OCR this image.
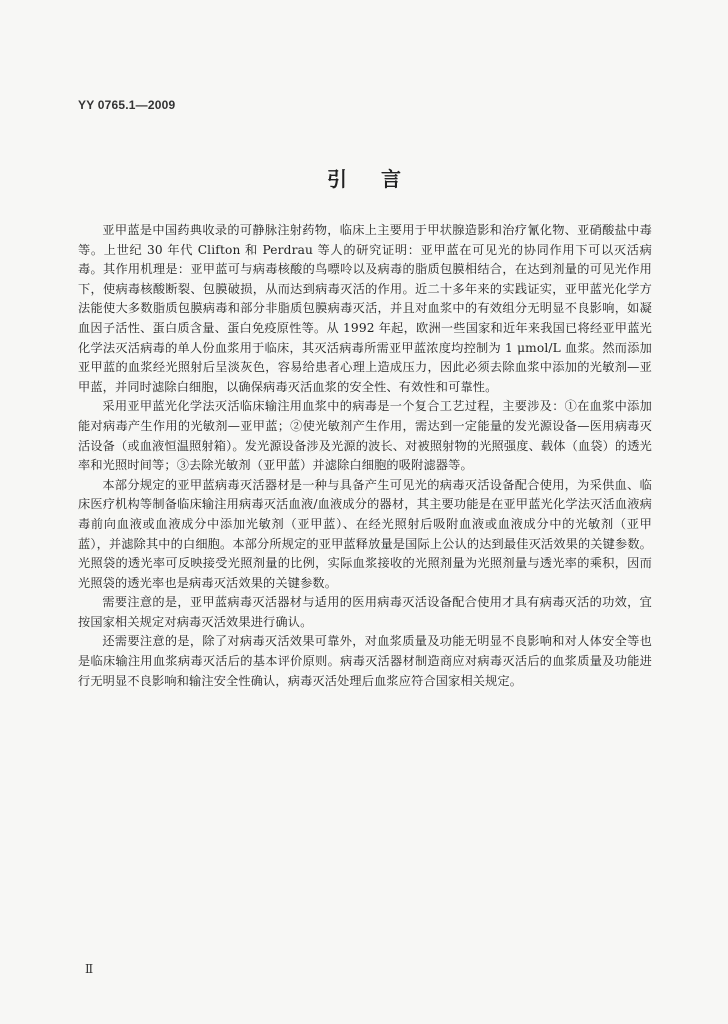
YY 0765.1—2009
引 言

亚甲蓝是中国药典收录的可静脉注射药物，临床上主要用于甲状腺造影和治疗氰化物、亚硝酸盐中毒等。上世纪 30 年代 Clifton 和 Perdrau 等人的研究证明：亚甲蓝在可见光的协同作用下可以灭活病毒。其作用机理是：亚甲蓝可与病毒核酸的鸟嘌呤以及病毒的脂质包膜相结合，在达到剂量的可见光作用下，使病毒核酸断裂、包膜破损，从而达到病毒灭活的作用。近二十多年来的实践证实，亚甲蓝光化学方法能使大多数脂质包膜病毒和部分非脂质包膜病毒灭活，并且对血浆中的有效组分无明显不良影响，如凝血因子活性、蛋白质含量、蛋白免疫原性等。从 1992 年起，欧洲一些国家和近年来我国已将经亚甲蓝光化学法灭活病毒的单人份血浆用于临床，其灭活病毒所需亚甲蓝浓度均控制为 1 μmol/L 血浆。然而添加亚甲蓝的血浆经光照射后呈淡灰色，容易给患者心理上造成压力，因此必须去除血浆中添加的光敏剂—亚甲蓝，并同时滤除白细胞，以确保病毒灭活血浆的安全性、有效性和可靠性。

采用亚甲蓝光化学法灭活临床输注用血浆中的病毒是一个复合工艺过程，主要涉及：①在血浆中添加能对病毒产生作用的光敏剂—亚甲蓝；②使光敏剂产生作用，需达到一定能量的发光源设备—医用病毒灭活设备（或血液恒温照射箱）。发光源设备涉及光源的波长、对被照射物的光照强度、载体（血袋）的透光率和光照时间等；③去除光敏剂（亚甲蓝）并滤除白细胞的吸附滤器等。

本部分规定的亚甲蓝病毒灭活器材是一种与具备产生可见光的病毒灭活设备配合使用，为采供血、临床医疗机构等制备临床输注用病毒灭活血液/血液成分的器材，其主要功能是在亚甲蓝光化学法灭活血液病毒前向血液或血液成分中添加光敏剂（亚甲蓝）、在经光照射后吸附血液或血液成分中的光敏剂（亚甲蓝），并滤除其中的白细胞。本部分所规定的亚甲蓝释放量是国际上公认的达到最佳灭活效果的关键参数。光照袋的透光率可反映接受光照剂量的比例，实际血浆接收的光照剂量为光照剂量与透光率的乘积，因而光照袋的透光率也是病毒灭活效果的关键参数。

需要注意的是，亚甲蓝病毒灭活器材与适用的医用病毒灭活设备配合使用才具有病毒灭活的功效，宜按国家相关规定对病毒灭活效果进行确认。

还需要注意的是，除了对病毒灭活效果可靠外，对血浆质量及功能无明显不良影响和对人体安全等也是临床输注用血浆病毒灭活后的基本评价原则。病毒灭活器材制造商应对病毒灭活后的血浆质量及功能进行无明显不良影响和输注安全性确认，病毒灭活处理后血浆应符合国家相关规定。

Ⅱ
